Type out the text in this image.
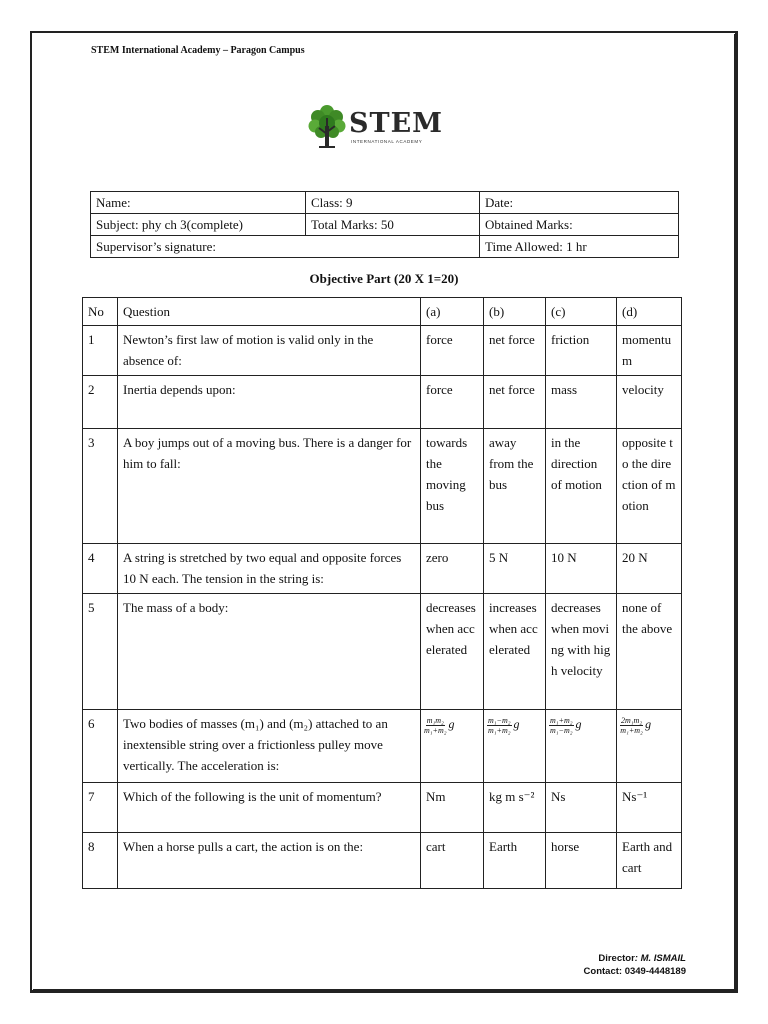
STEM International Academy – Paragon Campus
STEM
INTERNATIONAL ACADEMY
Name:	Class: 9	Date:
Subject: phy ch 3(complete)	Total Marks: 50	Obtained Marks:
Supervisor’s signature:		Time Allowed: 1 hr
Objective Part (20 X 1=20)
No	Question	(a)	(b)	(c)	(d)
1	Newton’s first law of motion is valid only in the absence of:	force	net force	friction	momentum
2	Inertia depends upon:	force	net force	mass	velocity
3	A boy jumps out of a moving bus. There is a danger for him to fall:	towards the moving bus	away from the bus	in the direction of motion	opposite to the direction of motion
4	A string is stretched by two equal and opposite forces 10 N each. The tension in the string is:	zero	5 N	10 N	20 N
5	The mass of a body:	decreases when accelerated	increases when accelerated	decreases when moving with high velocity	none of the above
6	Two bodies of masses (m₁) and (m₂) attached to an inextensible string over a frictionless pulley move vertically. The acceleration is:	$\frac{\text{m₁m₂}}{\text{m₁+m₂}}$ g	$\frac{\text{m₁−m₂}}{\text{m₁+m₂}}$ g	$\frac{\text{m₁+m₂}}{\text{m₁−m₂}}$ g	$\frac{\text{2m₁m₂}}{\text{m₁+m₂}}$ g
7	Which of the following is the unit of momentum?	Nm	kg m s⁻²	Ns	Ns⁻¹
8	When a horse pulls a cart, the action is on the:	cart	Earth	horse	Earth and cart
Director: M. ISMAIL
Contact: 0349-4448189
